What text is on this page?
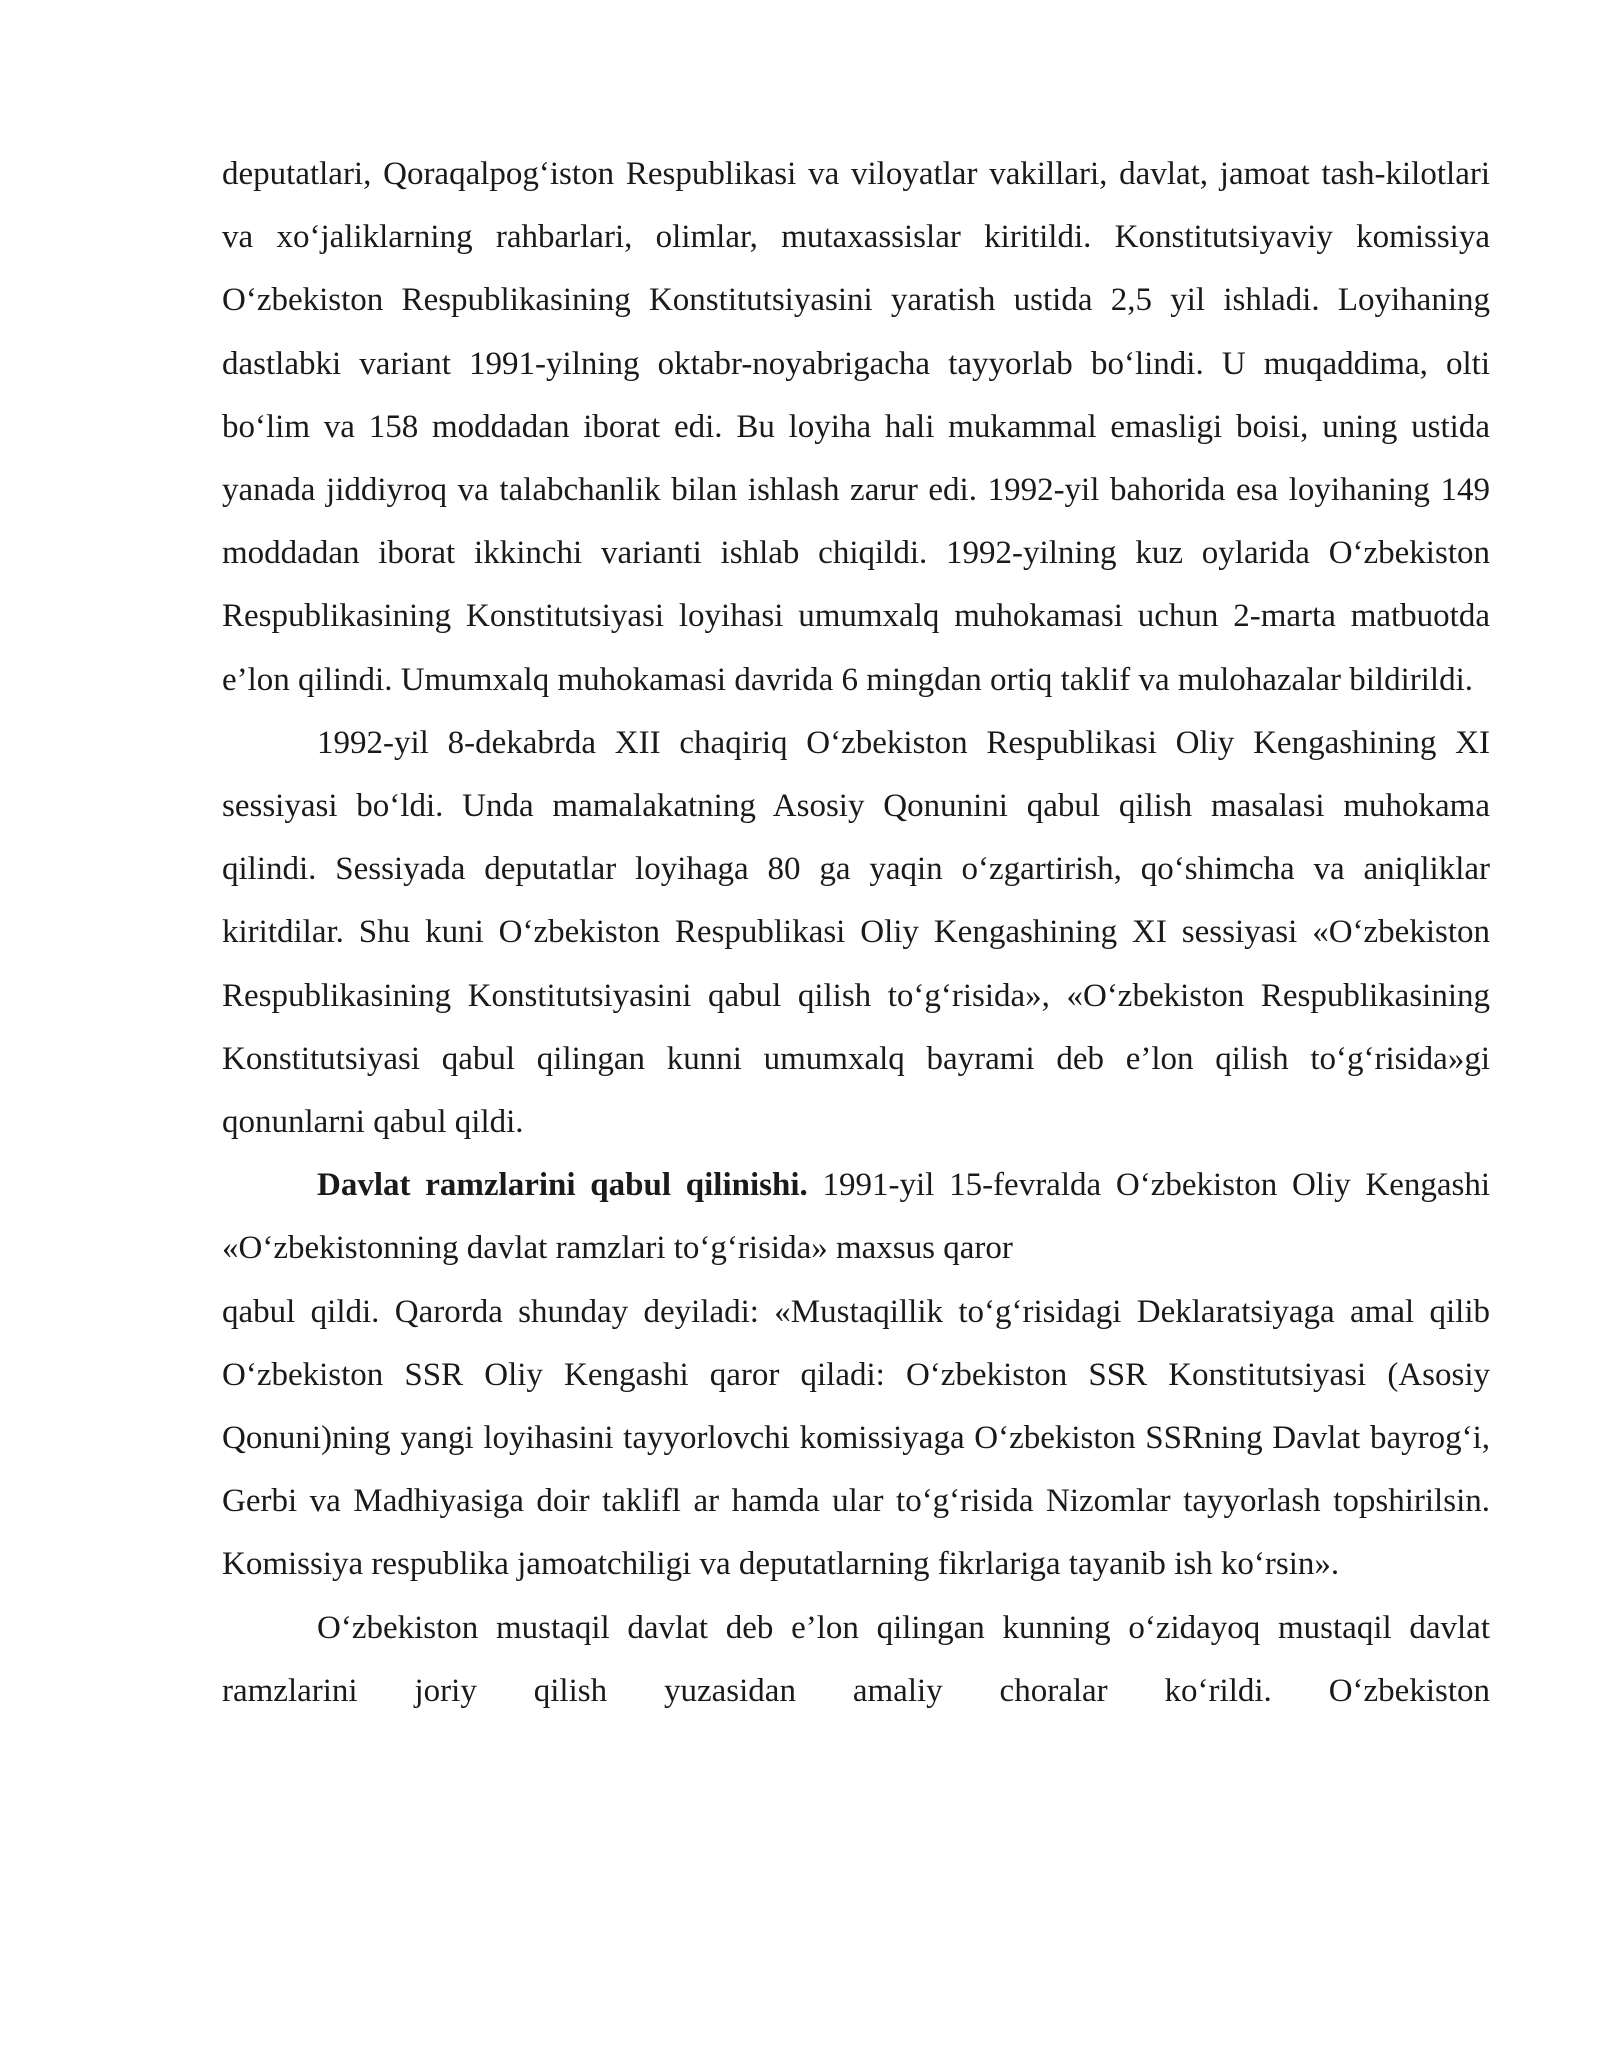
deputatlari, Qoraqalpog‘iston Respublikasi va viloyatlar vakillari, davlat, jamoat tash-kilotlari va xo‘jaliklarning rahbarlari, olimlar, mutaxassislar kiritildi. Konstitutsiyaviy komissiya O‘zbekiston Respublikasining Konstitutsiyasini yaratish ustida 2,5 yil ishladi. Loyihaning dastlabki variant 1991-yilning oktabr-noyabrigacha tayyorlab bo‘lindi. U muqaddima, olti bo‘lim va 158 moddadan iborat edi. Bu loyiha hali mukammal emasligi boisi, uning ustida yanada jiddiyroq va talabchanlik bilan ishlash zarur edi. 1992-yil bahorida esa loyihaning 149 moddadan iborat ikkinchi varianti ishlab chiqildi. 1992-yilning kuz oylarida O‘zbekiston Respublikasining Konstitutsiyasi loyihasi umumxalq muhokamasi uchun 2-marta matbuotda e’lon qilindi. Umumxalq muhokamasi davrida 6 mingdan ortiq taklif va mulohazalar bildirildi.

1992-yil 8-dekabrda XII chaqiriq O‘zbekiston Respublikasi Oliy Kengashining XI sessiyasi bo‘ldi. Unda mamalakatning Asosiy Qonunini qabul qilish masalasi muhokama qilindi. Sessiyada deputatlar loyihaga 80 ga yaqin o‘zgartirish, qo‘shimcha va aniqliklar kiritdilar. Shu kuni O‘zbekiston Respublikasi Oliy Kengashining XI sessiyasi «O‘zbekiston Respublikasining Konstitutsiyasini qabul qilish to‘g‘risida», «O‘zbekiston Respublikasining Konstitutsiyasi qabul qilingan kunni umumxalq bayrami deb e’lon qilish to‘g‘risida»gi qonunlarni qabul qildi.

Davlat ramzlarini qabul qilinishi. 1991-yil 15-fevralda O‘zbekiston Oliy Kengashi «O‘zbekistonning davlat ramzlari to‘g‘risida» maxsus qaror

qabul qildi. Qarorda shunday deyiladi: «Mustaqillik to‘g‘risidagi Deklaratsiyaga amal qilib O‘zbekiston SSR Oliy Kengashi qaror qiladi: O‘zbekiston SSR Konstitutsiyasi (Asosiy Qonuni)ning yangi loyihasini tayyorlovchi komissiyaga O‘zbekiston SSRning Davlat bayrog‘i, Gerbi va Madhiyasiga doir taklifl ar hamda ular to‘g‘risida Nizomlar tayyorlash topshirilsin. Komissiya respublika jamoatchiligi va deputatlarning fikrlariga tayanib ish ko‘rsin».

O‘zbekiston mustaqil davlat deb e’lon qilingan kunning o‘zidayoq mustaqil davlat ramzlarini joriy qilish yuzasidan amaliy choralar ko‘rildi. O‘zbekiston
